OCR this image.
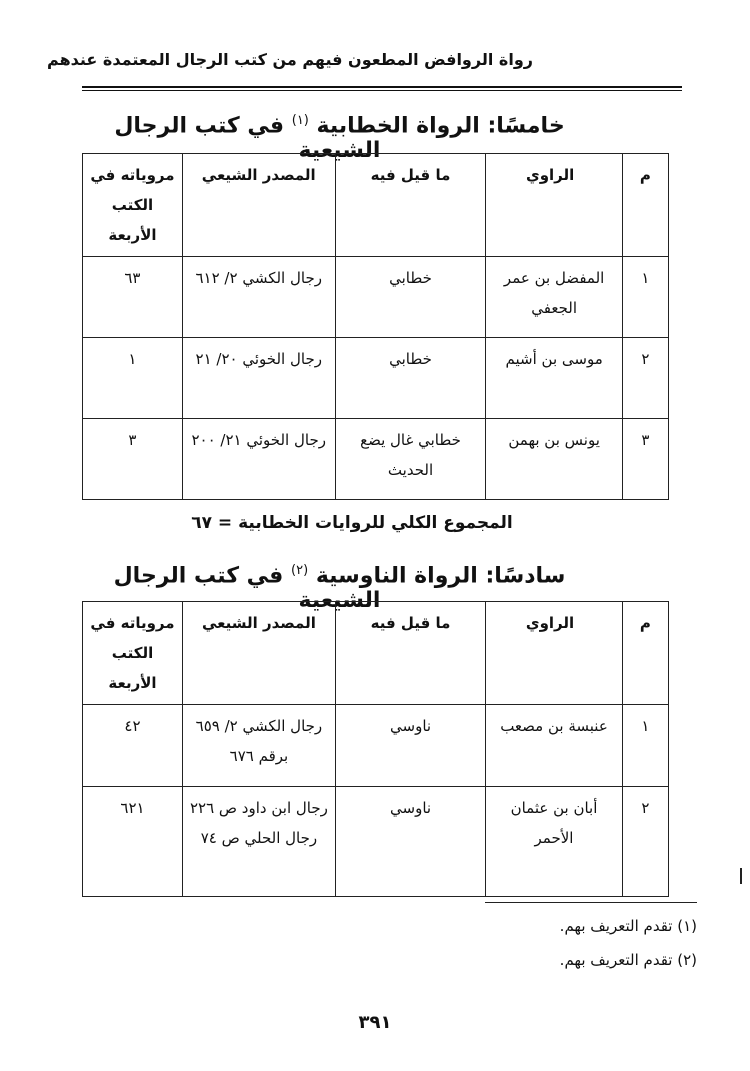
رواة الروافض المطعون فيهم من كتب الرجال المعتمدة عندهم
خامسًا: الرواة الخطابية $^{(١)}$ في كتب الرجال الشيعية
م	الراوي	ما قيل فيه	المصدر الشيعي	مروياته في الكتب الأربعة
١	المفضل بن عمر الجعفي	خطابي	رجال الكشي ٢/ ٦١٢	٦٣
٢	موسى بن أشيم	خطابي	رجال الخوئي ٢٠/ ٢١	١
٣	يونس بن بهمن	خطابي غال يضع الحديث	رجال الخوئي ٢١/ ٢٠٠	٣
المجموع الكلي للروايات الخطابية = ٦٧
سادسًا: الرواة الناوسية $^{(٢)}$ في كتب الرجال الشيعية
م	الراوي	ما قيل فيه	المصدر الشيعي	مروياته في الكتب الأربعة
١	عنبسة بن مصعب	ناوسي	رجال الكشي ٢/ ٦٥٩ برقم ٦٧٦	٤٢
٢	أبان بن عثمان الأحمر	ناوسي	رجال ابن داود ص ٢٢٦ رجال الحلي ص ٧٤	٦٢١
(١) تقدم التعريف بهم.
(٢) تقدم التعريف بهم.
٣٩١
